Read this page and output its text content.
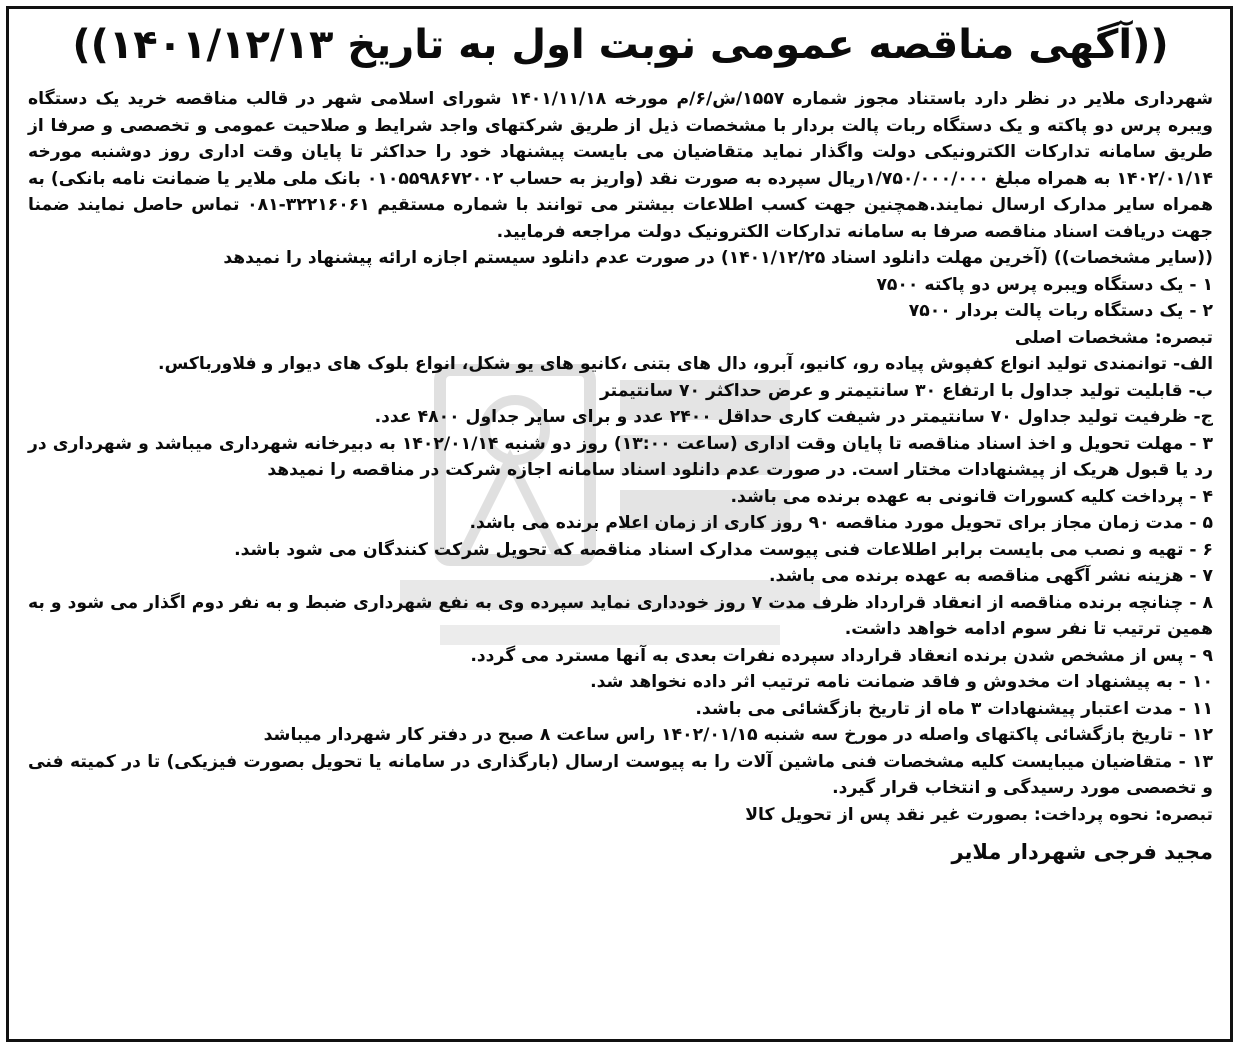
((آگهی مناقصه عمومی نوبت اول به تاریخ ۱۴۰۱/۱۲/۱۳))

شهرداری ملایر در نظر دارد باستناد مجوز شماره ۱۵۵۷/ش/۶/م مورخه ۱۴۰۱/۱۱/۱۸ شورای اسلامی شهر در قالب مناقصه خرید یک دستگاه ویبره پرس دو پاکته و یک دستگاه ربات پالت بردار با مشخصات ذیل از طریق شرکتهای واجد شرایط و صلاحیت عمومی و تخصصی و صرفا از طریق سامانه تدارکات الکترونیکی دولت واگذار نماید متقاضیان می بایست پیشنهاد خود را حداکثر تا پایان وقت اداری روز دوشنبه مورخه ۱۴۰۲/۰۱/۱۴ به همراه مبلغ ۱/۷۵۰/۰۰۰/۰۰۰ریال سپرده به صورت نقد (واریز به حساب ۰۱۰۵۵۹۸۶۷۲۰۰۲ بانک ملی ملایر یا ضمانت نامه بانکی) به همراه سایر مدارک ارسال نمایند.همچنین جهت کسب اطلاعات بیشتر می توانند با شماره مستقیم ۳۲۲۱۶۰۶۱-۰۸۱ تماس حاصل نمایند ضمنا جهت دریافت اسناد مناقصه صرفا به سامانه تدارکات الکترونیک دولت مراجعه فرمایید.

((سایر مشخصات)) (آخرین مهلت دانلود اسناد ۱۴۰۱/۱۲/۲۵) در صورت عدم دانلود سیستم اجازه ارائه پیشنهاد را نمیدهد

۱ - یک دستگاه ویبره پرس دو پاکته ۷۵۰۰

۲ - یک دستگاه ربات پالت بردار ۷۵۰۰

تبصره: مشخصات اصلی

الف- توانمندی تولید انواع کفپوش پیاده رو، کانیو، آبرو، دال های بتنی ،کانیو های یو شکل، انواع بلوک های دیوار و فلاورباکس.

ب- قابلیت تولید جداول با ارتفاع ۳۰ سانتیمتر و عرض حداکثر ۷۰ سانتیمتر

ج- ظرفیت تولید جداول ۷۰ سانتیمتر در شیفت کاری حداقل ۲۴۰۰ عدد و برای سایر جداول ۴۸۰۰ عدد.

۳ - مهلت تحویل و اخذ اسناد مناقصه تا پایان وقت اداری (ساعت ۱۳:۰۰) روز دو شنبه ۱۴۰۲/۰۱/۱۴ به دبیرخانه شهرداری میباشد و شهرداری در رد یا قبول هریک از پیشنهادات مختار است. در صورت عدم دانلود اسناد سامانه اجازه شرکت در مناقصه را نمیدهد

۴ - پرداخت کلیه کسورات قانونی به عهده برنده می باشد.

۵ - مدت زمان مجاز برای تحویل مورد مناقصه ۹۰ روز کاری از زمان اعلام برنده می باشد.

۶ - تهیه و نصب می بایست برابر اطلاعات فنی پیوست مدارک اسناد مناقصه که تحویل شرکت کنندگان می شود باشد.

۷ - هزینه نشر آگهی مناقصه به عهده برنده می باشد.

۸ - چنانچه برنده مناقصه از انعقاد قرارداد ظرف مدت ۷ روز خودداری نماید سپرده وی به نفع شهرداری ضبط و به نفر دوم اگذار می شود و به همین ترتیب تا نفر سوم ادامه خواهد داشت.

۹ - پس از مشخص شدن برنده انعقاد قرارداد سپرده نفرات بعدی به آنها مسترد می گردد.

۱۰ - به پیشنهاد ات مخدوش و فاقد ضمانت نامه ترتیب اثر داده نخواهد شد.

۱۱ - مدت اعتبار پیشنهادات ۳ ماه از تاریخ بازگشائی می باشد.

۱۲ - تاریخ بازگشائی پاکتهای واصله در مورخ سه شنبه ۱۴۰۲/۰۱/۱۵ راس ساعت ۸ صبح در دفتر کار شهردار میباشد

۱۳ - متقاضیان میبایست کلیه مشخصات فنی ماشین آلات را به پیوست ارسال (بارگذاری در سامانه یا تحویل بصورت فیزیکی) تا در کمیته فنی و تخصصی مورد رسیدگی و انتخاب قرار گیرد.

تبصره: نحوه پرداخت: بصورت غیر نقد پس از تحویل کالا

مجید فرجی شهردار ملایر
